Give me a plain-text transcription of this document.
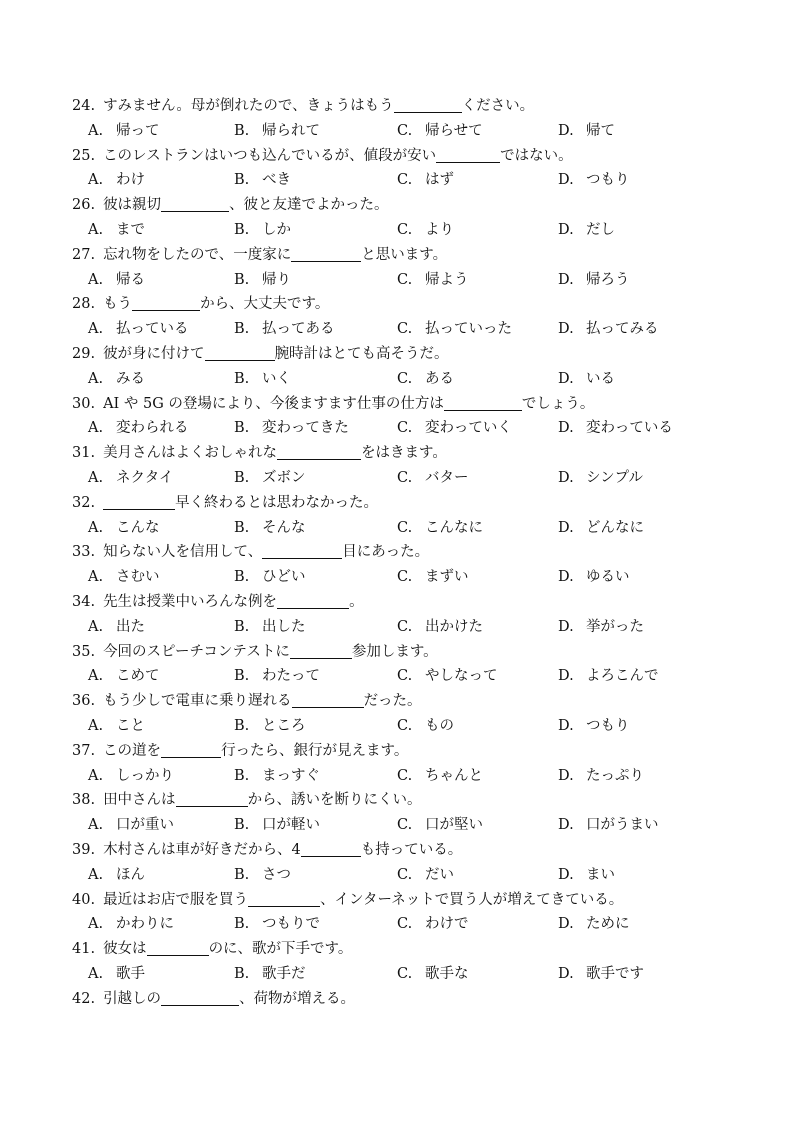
24. すみません。母が倒れたので、きょうはもう	ください。
A. 帰って	B. 帰られて	C. 帰らせて	D. 帰て
25. このレストランはいつも込んでいるが、値段が安い	ではない。
A. わけ	B. べき	C. はず	D. つもり
26. 彼は親切	、彼と友達でよかった。
A. まで	B. しか	C. より	D. だし
27. 忘れ物をしたので、一度家に	と思います。
A. 帰る	B. 帰り	C. 帰よう	D. 帰ろう
28. もう	から、大丈夫です。
A. 払っている	B. 払ってある	C. 払っていった	D. 払ってみる
29. 彼が身に付けて	腕時計はとても高そうだ。
A. みる	B. いく	C. ある	D. いる
30. AI や 5G の登場により、今後ますます仕事の仕方は	でしょう。
A. 変わられる	B. 変わってきた	C. 変わっていく	D. 変わっている
31. 美月さんはよくおしゃれな	をはきます。
A. ネクタイ	B. ズボン	C. バター	D. シンプル
32.	早く終わるとは思わなかった。
A. こんな	B. そんな	C. こんなに	D. どんなに
33. 知らない人を信用して、	目にあった。
A. さむい	B. ひどい	C. まずい	D. ゆるい
34. 先生は授業中いろんな例を	。
A. 出た	B. 出した	C. 出かけた	D. 挙がった
35. 今回のスピーチコンテストに	参加します。
A. こめて	B. わたって	C. やしなって	D. よろこんで
36. もう少しで電車に乗り遅れる	だった。
A. こと	B. ところ	C. もの	D. つもり
37. この道を	行ったら、銀行が見えます。
A. しっかり	B. まっすぐ	C. ちゃんと	D. たっぷり
38. 田中さんは	から、誘いを断りにくい。
A. 口が重い	B. 口が軽い	C. 口が堅い	D. 口がうまい
39. 木村さんは車が好きだから、4	も持っている。
A. ほん	B. さつ	C. だい	D. まい
40. 最近はお店で服を買う	、インターネットで買う人が増えてきている。
A. かわりに	B. つもりで	C. わけで	D. ために
41. 彼女は	のに、歌が下手です。
A. 歌手	B. 歌手だ	C. 歌手な	D. 歌手です
42. 引越しの	、荷物が増える。
